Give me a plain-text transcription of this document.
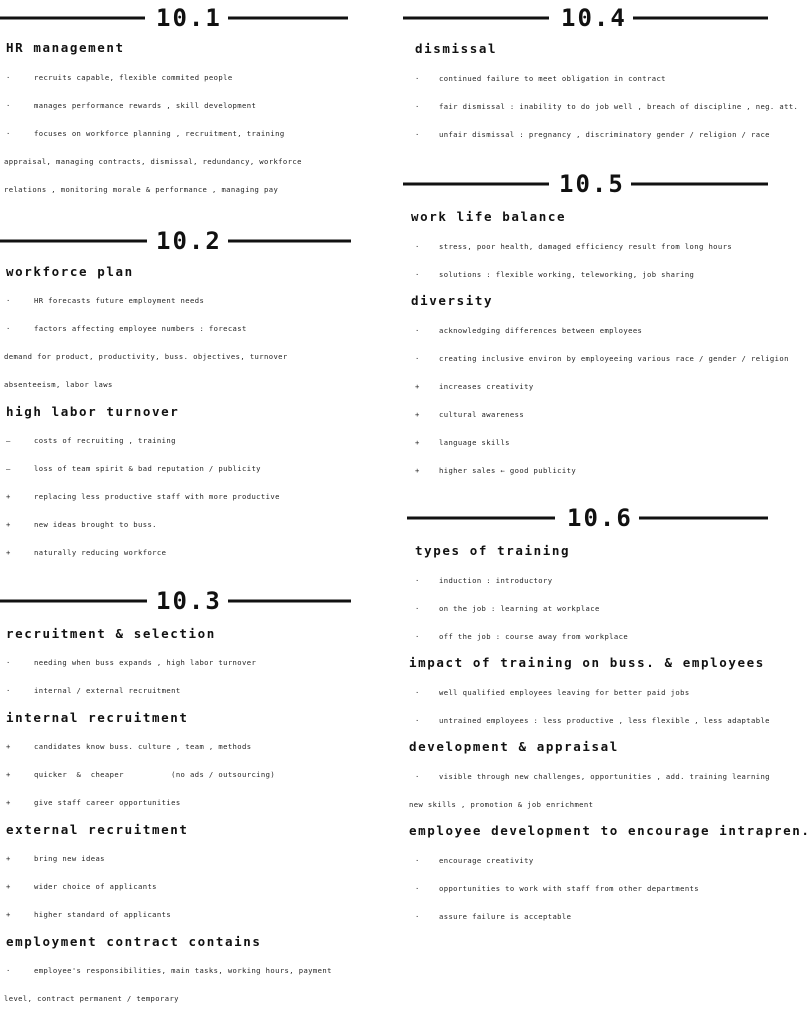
10.1
HR management
·	recruits capable, flexible commited people
·	manages performance rewards , skill development
·	focuses on workforce planning , recruitment, training
appraisal, managing contracts, dismissal, redundancy, workforce
relations , monitoring morale & performance , managing pay
10.2
workforce plan
·	HR forecasts future employment needs
·	factors affecting employee numbers : forecast
demand for product, productivity, buss. objectives, turnover
absenteeism, labor laws
high labor turnover
–	costs of recruiting , training
–	loss of team spirit & bad reputation / publicity
+	replacing less productive staff with more productive
+	new ideas brought to buss.
+	naturally reducing workforce
10.3
recruitment & selection
·	needing when buss expands , high labor turnover
·	internal / external recruitment
internal recruitment
+	candidates know buss. culture , team , methods
+	quicker  &  cheaper          (no ads / outsourcing)
+	give staff career opportunities
external recruitment
+	bring new ideas
+	wider choice of applicants
+	higher standard of applicants
employment contract contains
·	employee's responsibilities, main tasks, working hours, payment
level, contract permanent / temporary
10.4
dismissal
·	continued failure to meet obligation in contract
·	fair dismissal : inability to do job well , breach of discipline , neg. att.
·	unfair dismissal : pregnancy , discriminatory gender / religion / race
10.5
work life balance
·	stress, poor health, damaged efficiency result from long hours
·	solutions : flexible working, teleworking, job sharing
diversity
·	acknowledging differences between employees
·	creating inclusive environ by employeeing various race / gender / religion
+	increases creativity
+	cultural awareness
+	language skills
+	higher sales ← good publicity
10.6
types of training
·	induction : introductory
·	on the job : learning at workplace
·	off the job : course away from workplace
impact of training on buss. & employees
·	well qualified employees leaving for better paid jobs
·	untrained employees : less productive , less flexible , less adaptable
development & appraisal
·	visible through new challenges, opportunities , add. training learning
new skills , promotion & job enrichment
employee development to encourage intrapren.
·	encourage creativity
·	opportunities to work with staff from other departments
·	assure failure is acceptable
